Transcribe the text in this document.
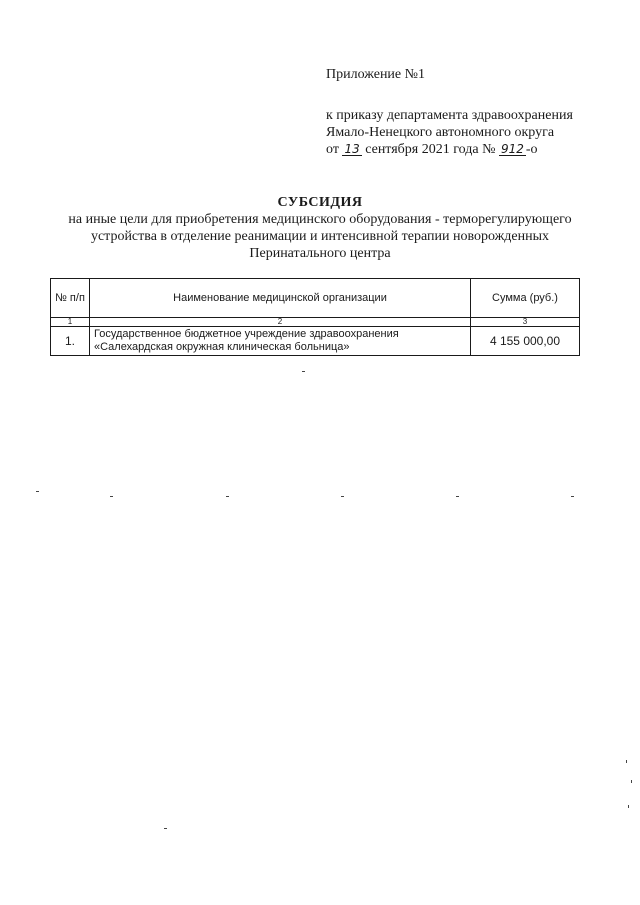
Приложение №1
к приказу департамента здравоохранения
Ямало-Ненецкого автономного округа
от 13 сентября 2021 года № 912 -о
СУБСИДИЯ
на иные цели для приобретения медицинского оборудования - терморегулирующего
устройства в отделение реанимации и интенсивной терапии новорожденных
Перинатального центра
№ п/п	Наименование медицинской организации	Сумма (руб.)
1	2	3
1.	Государственное бюджетное учреждение здравоохранения
«Салехардская окружная клиническая больница»	4 155 000,00
